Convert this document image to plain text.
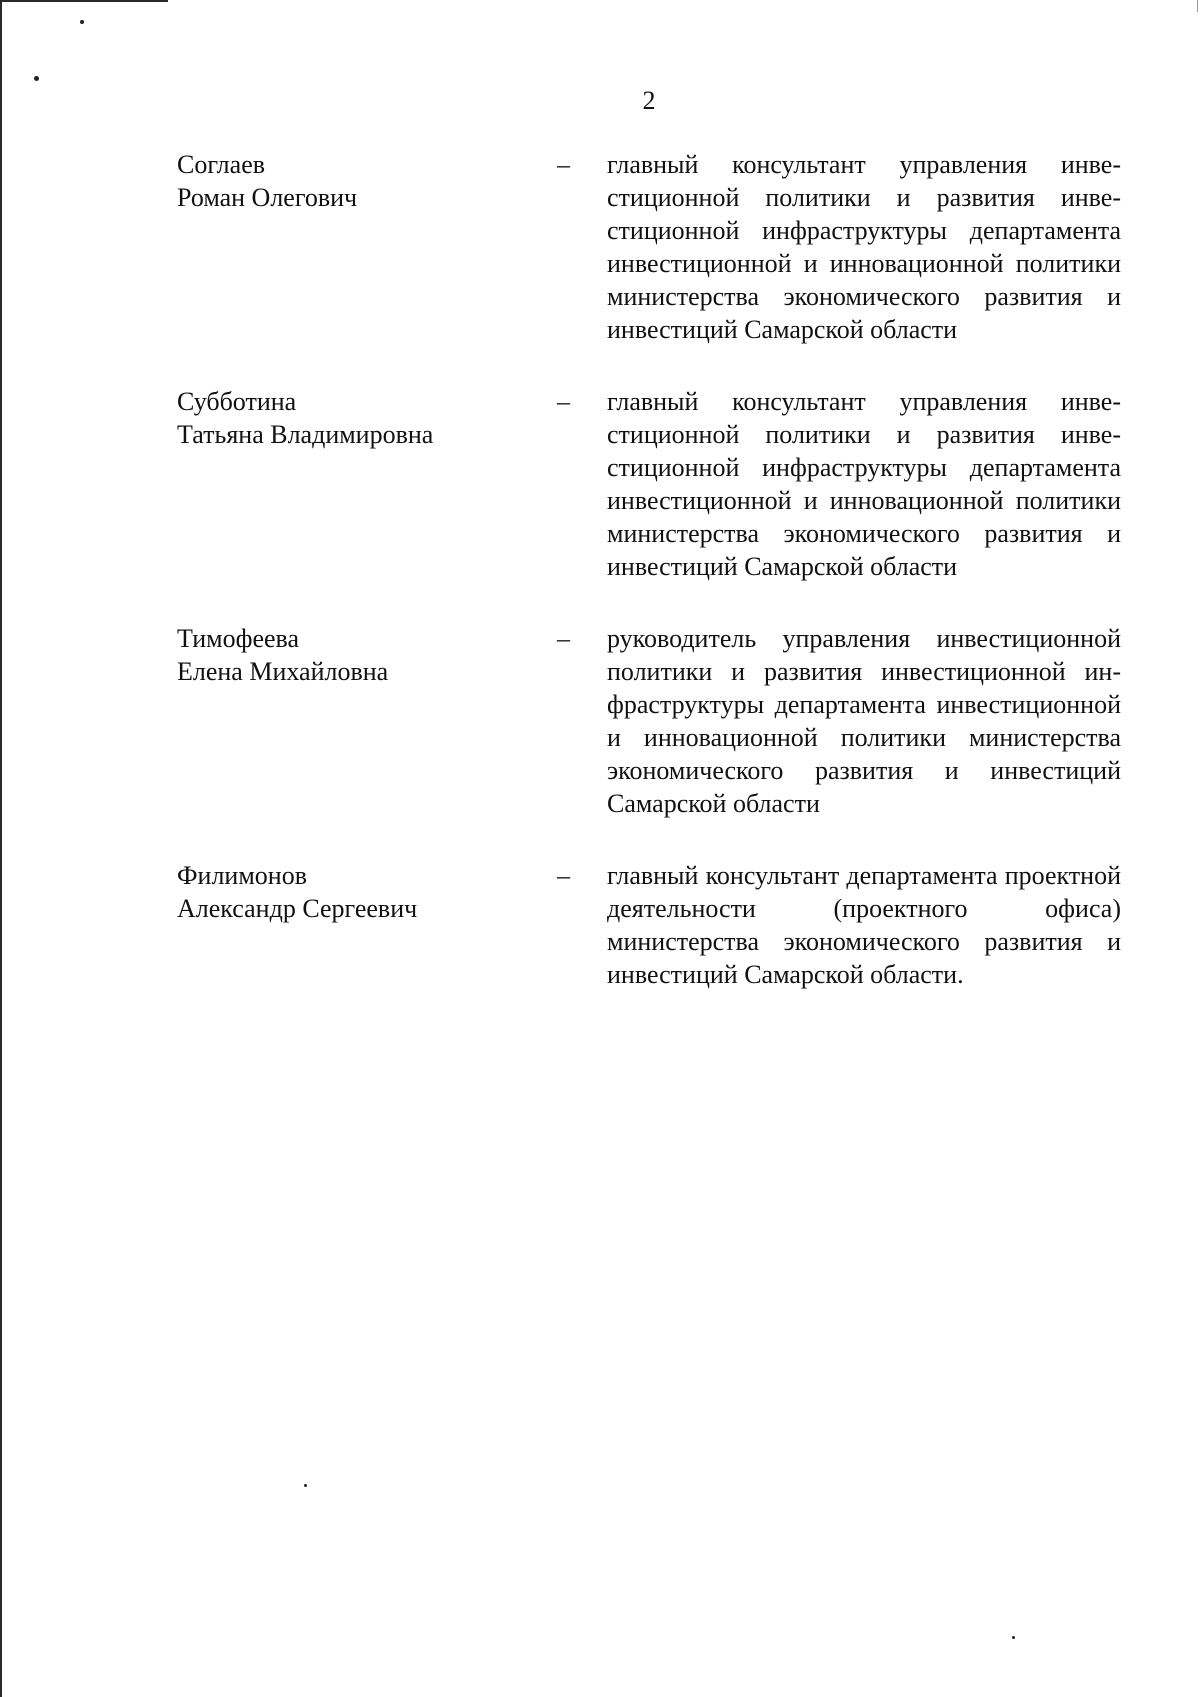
2
Соглаев
Роман Олегович
– главный консультант управления инвестиционной политики и развития инвестиционной инфраструктуры департамента инвестиционной и инновационной политики министерства экономического развития и инвестиций Самарской области
Субботина
Татьяна Владимировна
– главный консультант управления инвестиционной политики и развития инвестиционной инфраструктуры департамента инвестиционной и инновационной политики министерства экономического развития и инвестиций Самарской области
Тимофеева
Елена Михайловна
– руководитель управления инвестиционной политики и развития инвестиционной инфраструктуры департамента инвестиционной и инновационной политики министерства экономического развития и инвестиций Самарской области
Филимонов
Александр Сергеевич
– главный консультант департамента проектной деятельности (проектного офиса) министерства экономического развития и инвестиций Самарской области.
